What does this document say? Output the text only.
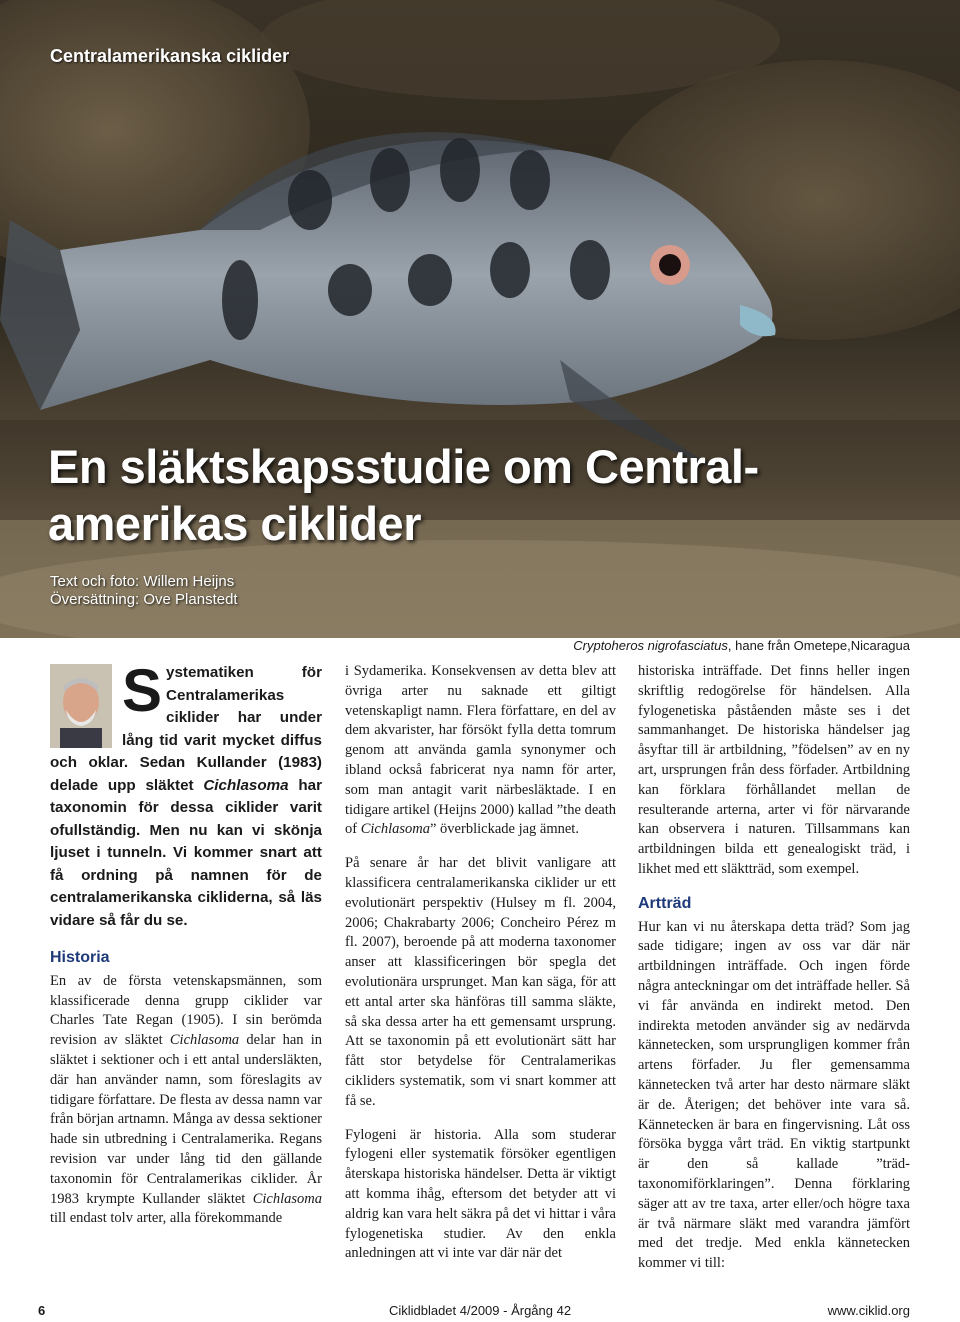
Centralamerikanska ciklider
En släktskapsstudie om Central-amerikas ciklider
Text och foto: Willem Heijns
Översättning: Ove Planstedt
Cryptoheros nigrofasciatus, hane från Ometepe,Nicaragua

Systematiken för Centralamerikas ciklider har under lång tid varit mycket diffus och oklar. Sedan Kullander (1983) delade upp släktet Cichlasoma har taxonomin för dessa ciklider varit ofullständig. Men nu kan vi skönja ljuset i tunneln. Vi kommer snart att få ordning på namnen för de centralamerikanska cikliderna, så läs vidare så får du se.

Historia

En av de första vetenskapsmännen, som klassificerade denna grupp ciklider var Charles Tate Regan (1905). I sin berömda revision av släktet Cichlasoma delar han in släktet i sektioner och i ett antal undersläkten, där han använder namn, som föreslagits av tidigare författare. De flesta av dessa namn var från början artnamn. Många av dessa sektioner hade sin utbredning i Centralamerika. Regans revision var under lång tid den gällande taxonomin för Centralamerikas ciklider. År 1983 krympte Kullander släktet Cichlasoma till endast tolv arter, alla förekommande

i Sydamerika. Konsekvensen av detta blev att övriga arter nu saknade ett giltigt vetenskapligt namn. Flera författare, en del av dem akvarister, har försökt fylla detta tomrum genom att använda gamla synonymer och ibland också fabricerat nya namn för arter, som man antagit varit närbesläktade. I en tidigare artikel (Heijns 2000) kallad ”the death of Cichlasoma” överblickade jag ämnet.

På senare år har det blivit vanligare att klassificera centralamerikanska ciklider ur ett evolutionärt perspektiv (Hulsey m fl. 2004, 2006; Chakrabarty 2006; Concheiro Pérez m fl. 2007), beroende på att moderna taxonomer anser att klassificeringen bör spegla det evolutionära ursprunget. Man kan säga, för att ett antal arter ska hänföras till samma släkte, så ska dessa arter ha ett gemensamt ursprung. Att se taxonomin på ett evolutionärt sätt har fått stor betydelse för Centralamerikas cikliders systematik, som vi snart kommer att få se.

Fylogeni är historia. Alla som studerar fylogeni eller systematik försöker egentligen återskapa historiska händelser. Detta är viktigt att komma ihåg, eftersom det betyder att vi aldrig kan vara helt säkra på det vi hittar i våra fylogenetiska studier. Av den enkla anledningen att vi inte var där när det

historiska inträffade. Det finns heller ingen skriftlig redogörelse för händelsen. Alla fylogenetiska påståenden måste ses i det sammanhanget. De historiska händelser jag åsyftar till är artbildning, ”födelsen” av en ny art, ursprungen från dess förfader. Artbildning kan förklara förhållandet mellan de resulterande arterna, arter vi för närvarande kan observera i naturen. Tillsammans kan artbildningen bilda ett genealogiskt träd, i likhet med ett släktträd, som exempel.

Artträd

Hur kan vi nu återskapa detta träd? Som jag sade tidigare; ingen av oss var där när artbildningen inträffade. Och ingen förde några anteckningar om det inträffade heller. Så vi får använda en indirekt metod. Den indirekta metoden använder sig av nedärvda kännetecken, som ursprungligen kommer från artens förfader. Ju fler gemensamma kännetecken två arter har desto närmare släkt är de. Återigen; det behöver inte vara så. Kännetecken är bara en fingervisning. Låt oss försöka bygga vårt träd. En viktig startpunkt är den så kallade ”träd- taxonomiförklaringen”. Denna förklaring säger att av tre taxa, arter eller/och högre taxa är två närmare släkt med varandra jämfört med det tredje. Med enkla kännetecken kommer vi till:

6	Ciklidbladet 4/2009 - Årgång 42	www.ciklid.org
